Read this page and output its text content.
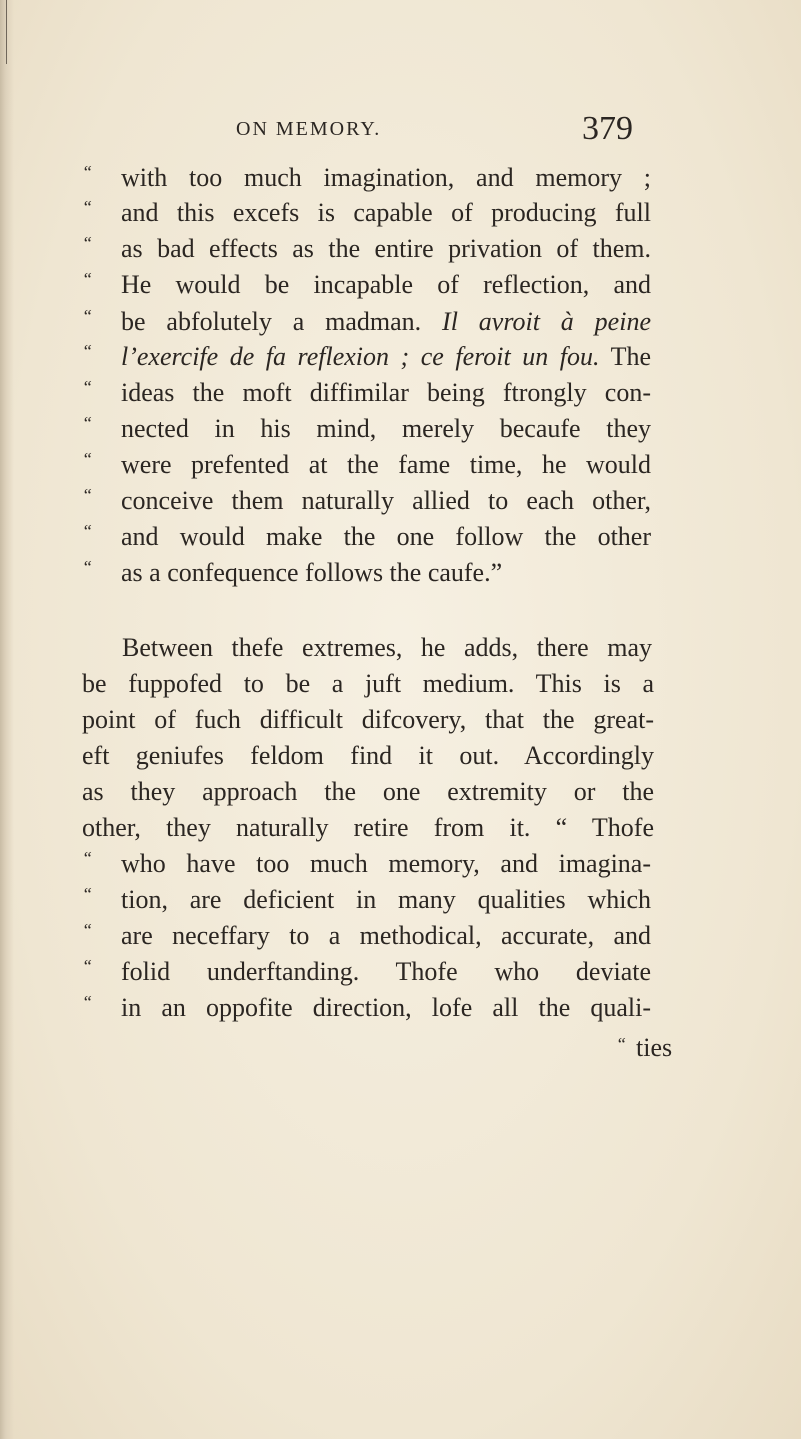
ON MEMORY.	379
“ with too much imagination, and memory ;
“ and this excefs is capable of producing full
“ as bad effects as the entire privation of them.
“ He would be incapable of reflection, and
“ be abfolutely a madman. Il avroit à peine
“ l’exercife de fa reflexion ; ce feroit un fou. The
“ ideas the moft diffimilar being ftrongly con-
“ nected in his mind, merely becaufe they
“ were prefented at the fame time, he would
“ conceive them naturally allied to each other,
“ and would make the one follow the other
“ as a confequence follows the caufe.”
Between thefe extremes, he adds, there may
be fuppofed to be a juft medium. This is a
point of fuch difficult difcovery, that the great-
eft geniufes feldom find it out. Accordingly
as they approach the one extremity or the
other, they naturally retire from it. “ Thofe
“ who have too much memory, and imagina-
“ tion, are deficient in many qualities which
“ are neceffary to a methodical, accurate, and
“ folid underftanding. Thofe who deviate
“ in an oppofite direction, lofe all the quali-
“ ties
